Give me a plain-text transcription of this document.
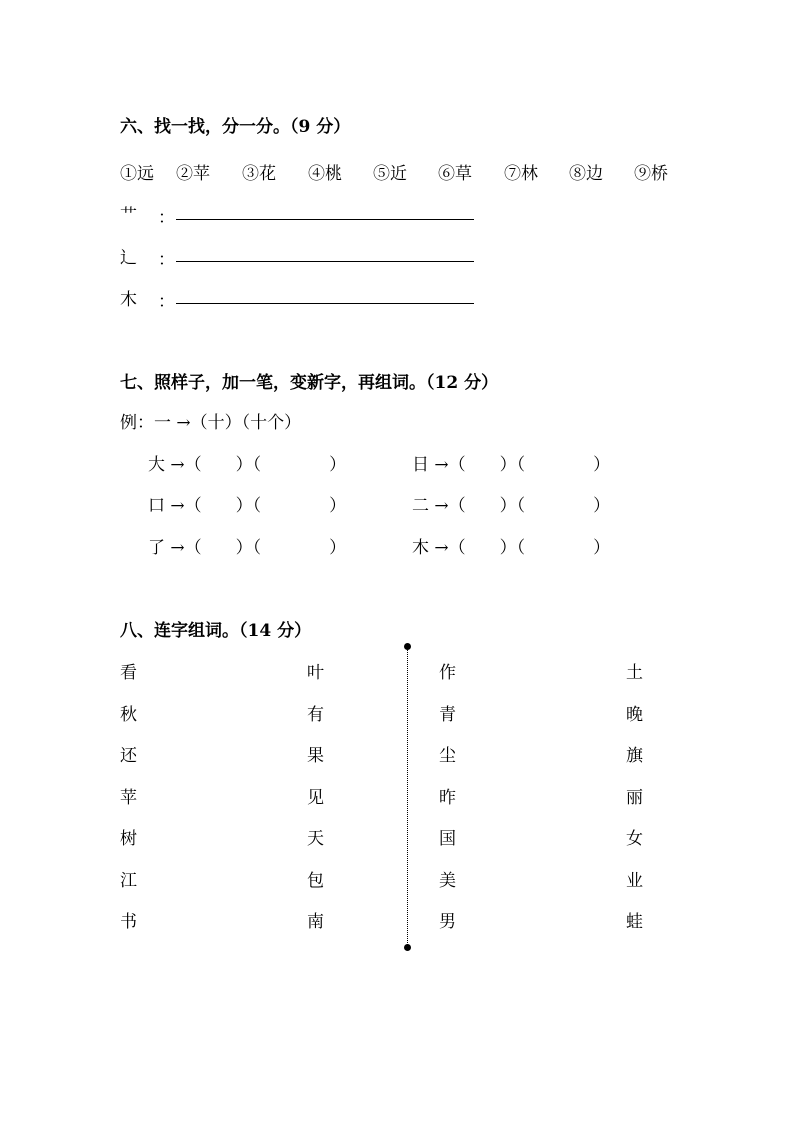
六、找一找，分一分。（9 分）
①远 ②苹 ③花 ④桃 ⑤近 ⑥草 ⑦林 ⑧边 ⑨桥
艹 ：
辶 ：
木 ：
七、照样子，加一笔，变新字，再组词。（12 分）
例：一 →（十）（十个）
大 →（　　）（　　　　）
口 →（　　）（　　　　）
了 →（　　）（　　　　）
日 →（　　）（　　　　）
二 →（　　）（　　　　）
木 →（　　）（　　　　）
八、连字组词。（14 分）
看
秋
还
苹
树
江
书
叶
有
果
见
天
包
南
作
青
尘
昨
国
美
男
土
晚
旗
丽
女
业
蛙
